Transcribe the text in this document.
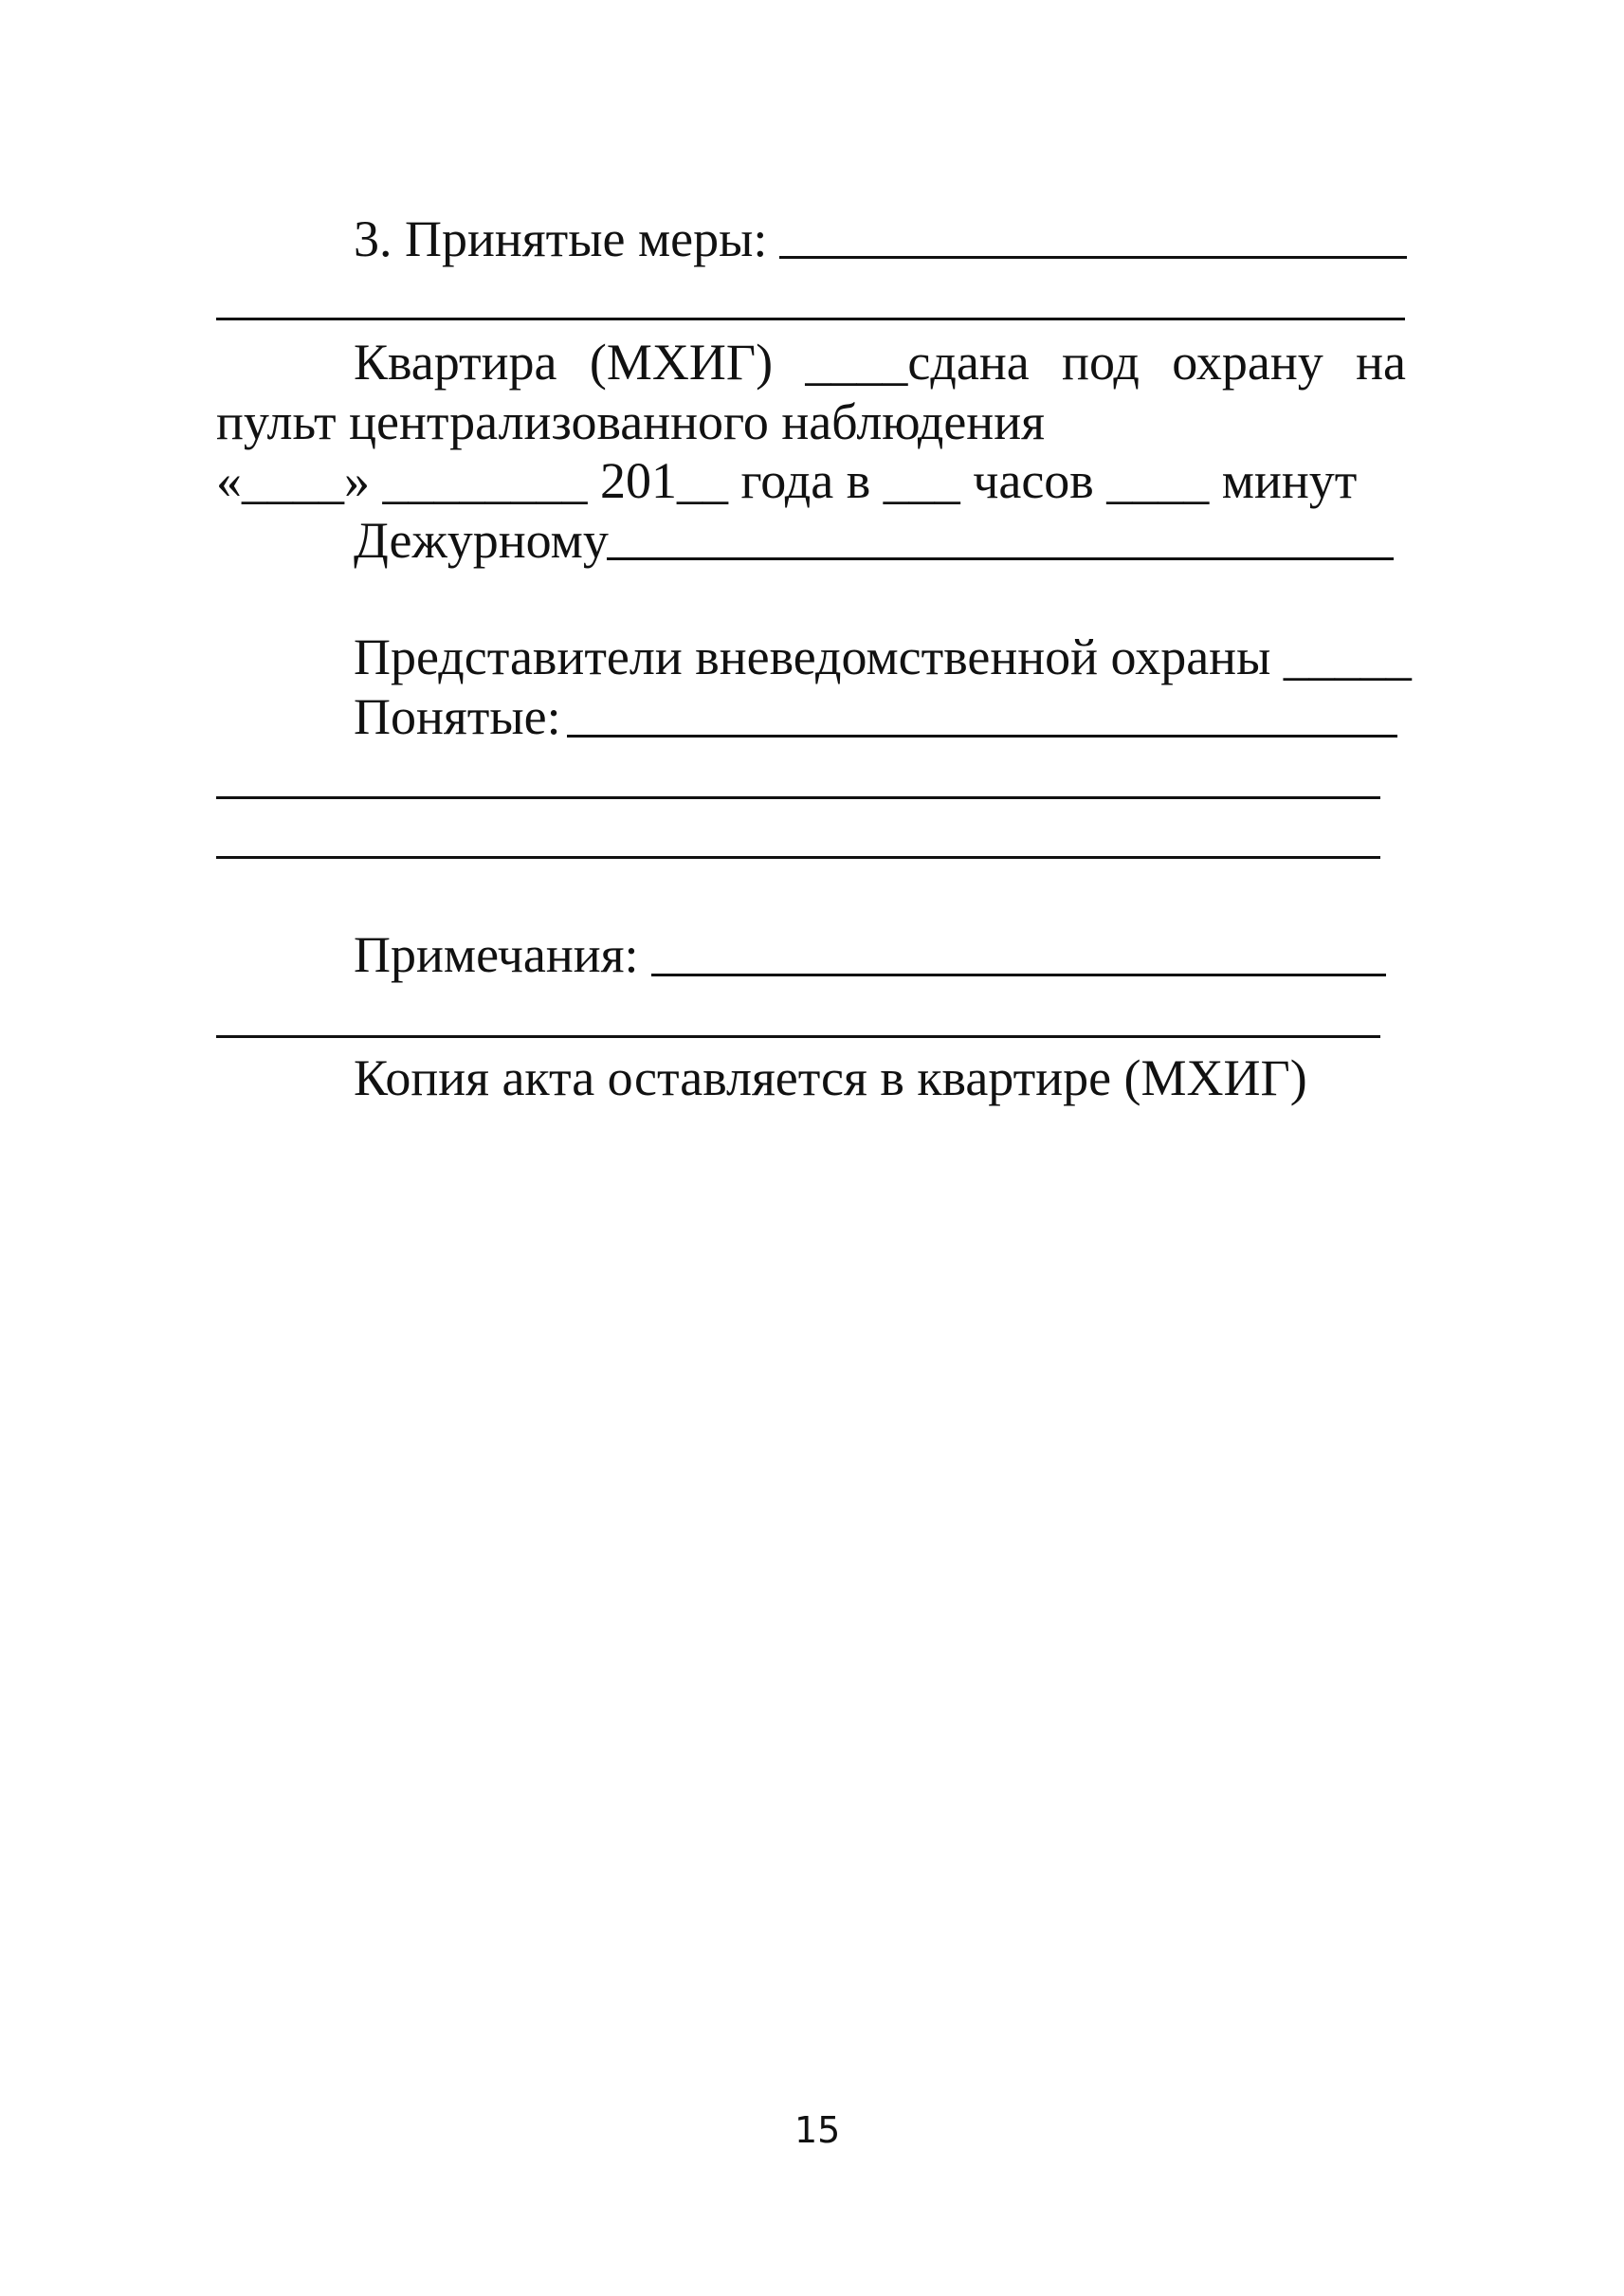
3. Принятые меры:
Квартира (МХИГ) ____сдана под охрану на
пульт централизованного наблюдения
«____» ________ 201__ года в ___ часов ____ минут
Дежурному
Представители вневедомственной охраны _____
Понятые:
Примечания:
Копия акта оставляется в квартире (МХИГ)
15
